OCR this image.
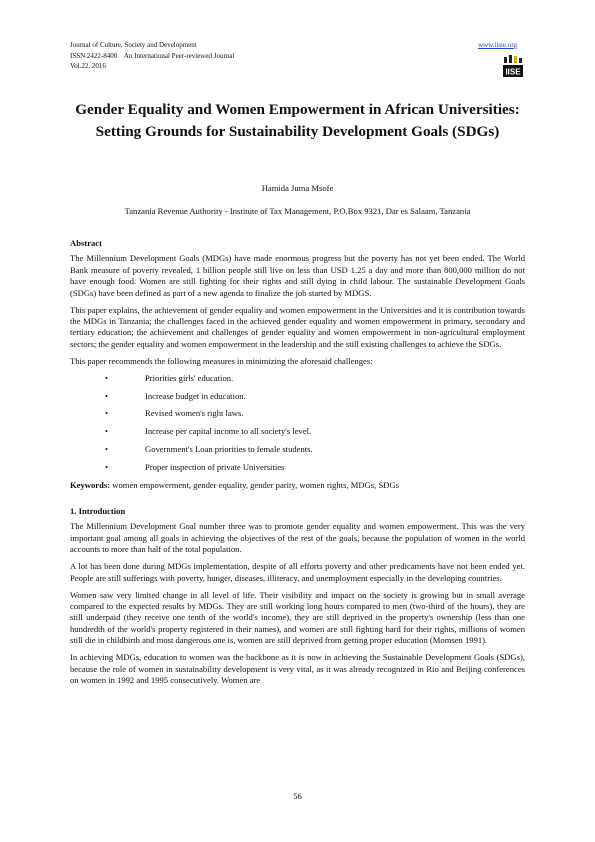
Journal of Culture, Society and Development
ISSN 2422-8400    An International Peer-reviewed Journal
Vol.22, 2016
www.iiste.org
IISE
Gender Equality and Women Empowerment in African Universities: Setting Grounds for Sustainability Development Goals (SDGs)
Hamida Juma Msofe
Tanzania Revenue Authority - Institute of Tax Management, P.O.Box 9321, Dar es Salaam, Tanzania
Abstract

The Millennium Development Goals (MDGs) have made enormous progress but the poverty has not yet been ended. The World Bank measure of poverty revealed, 1 billion people still live on less than USD 1.25 a day and more than 800,000 million do not have enough food. Women are still fighting for their rights and still dying in child labour. The sustainable Development Goals (SDGs) have been defined as part of a new agenda to finalize the job started by MDGS.

This paper explains, the achievement of gender equality and women empowerment in the Universities and it is contribution towards the MDGs in Tanzania; the challenges faced in the achieved gender equality and women empowerment in primary, secondary and tertiary education; the achievement and challenges of gender equality and women empowerment in non-agricultural employment sectors; the gender equality and women empowerment in the leadership and the still existing challenges to achieve the SDGs.

This paper recommends the following measures in minimizing the aforesaid challenges:

•	Priorities girls' education.
•	Increase budget in education.
•	Revised women's right laws.
•	Increase per capital income to all society's level.
•	Government's Loan priorities to female students.
•	Proper inspection of private Universities

Keywords: women empowerment, gender equality, gender parity, women rights, MDGs, SDGs

1. Introduction

The Millennium Development Goal number three was to promote gender equality and women empowerment. This was the very important goal among all goals in achieving the objectives of the rest of the goals, because the population of women in the world accounts to more than half of the total population.

A lot has been done during MDGs implementation, despite of all efforts poverty and other predicaments have not been ended yet. People are still sufferings with poverty, hunger, diseases, illiteracy, and unemployment especially in the developing countries.

Women saw very limited change in all level of life. Their visibility and impact on the society is growing but in small average compared to the expected results by MDGs. They are still working long hours compared to men (two-third of the hours), they are still underpaid (they receive one tenth of the world's income), they are still deprived in the property's ownership (less than one hundredth of the world's property registered in their names), and women are still fighting hard for their rights, millions of women still die in childbirth and most dangerous one is, women are still deprived from getting proper education (Momsen 1991).

In achieving MDGs, education to women was the backbone as it is now in achieving the Sustainable Development Goals (SDGs), because the role of women in sustainability development is very vital, as it was already recognized in Rio and Beijing conferences on women in 1992 and 1995 consecutively. Women are

56
